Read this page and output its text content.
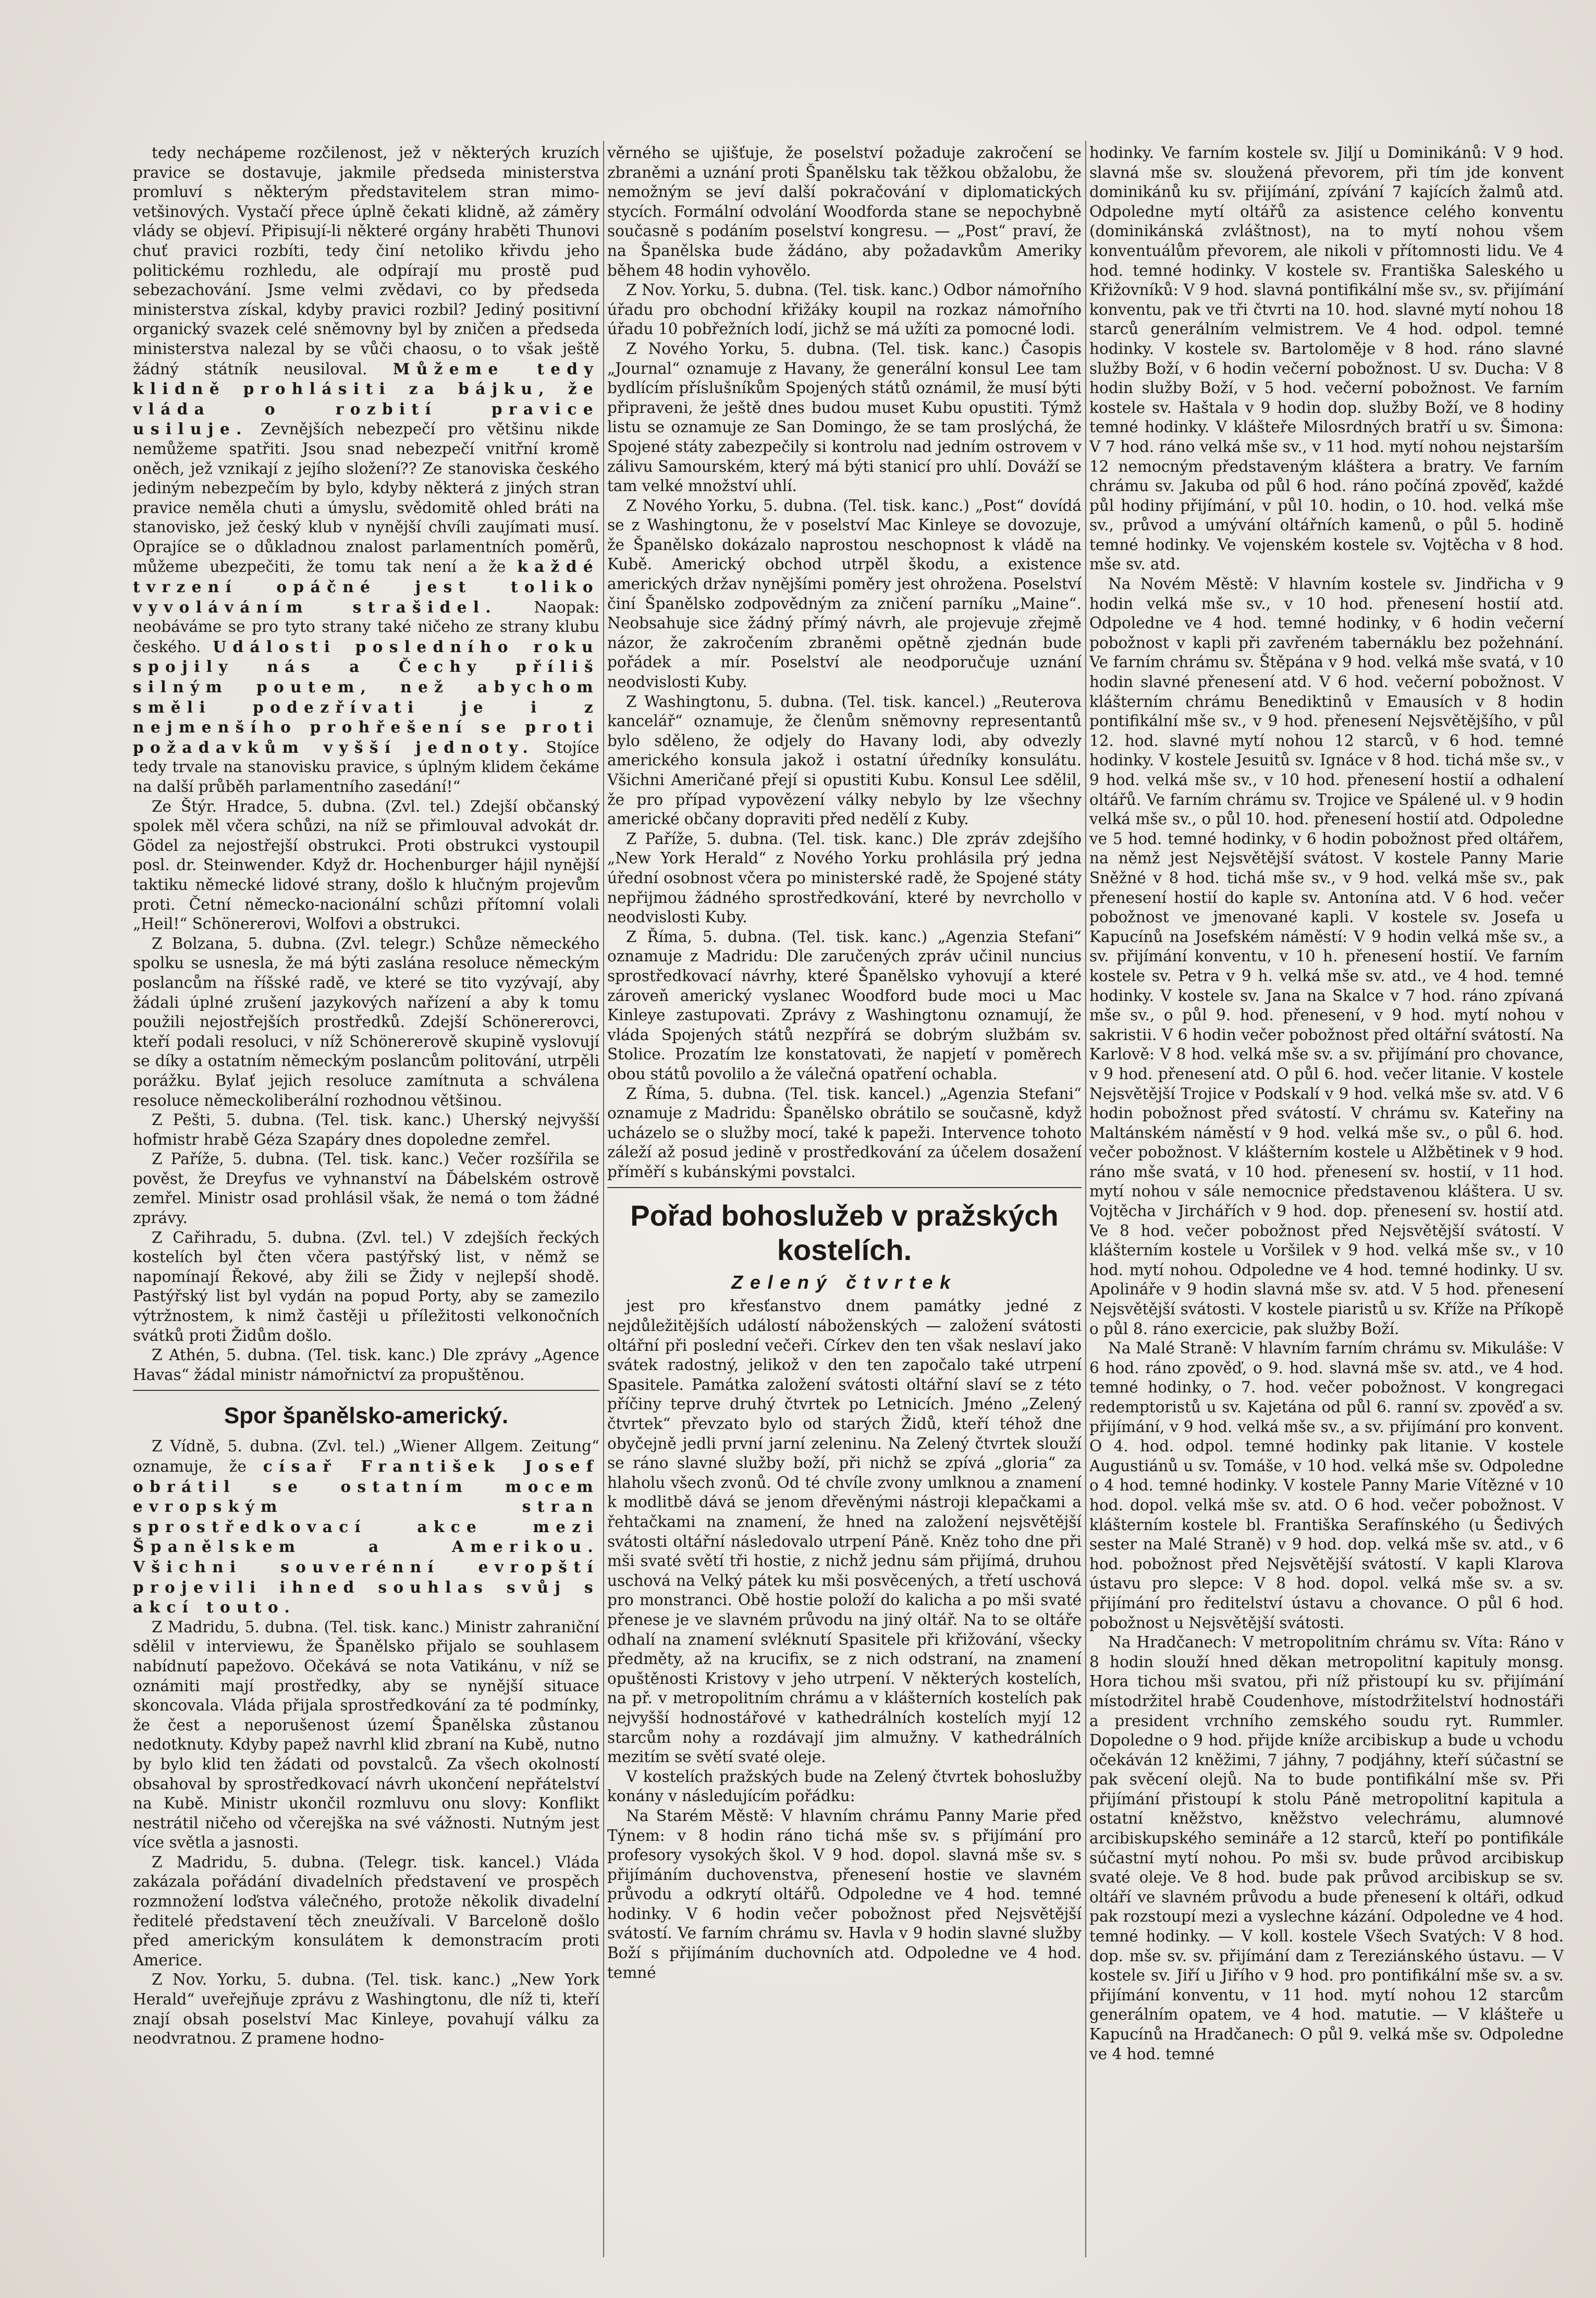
tedy nechápeme rozčilenost, jež v některých kruzích pravice se dostavuje, jakmile předseda ministerstva promluví s některým představitelem stran mimo-vetšinových. Vystačí přece úplně čekati klidně, až záměry vlády se objeví. Připisují-li některé orgány hraběti Thunovi chuť pravici rozbíti, tedy činí netoliko křivdu jeho politickému rozhledu, ale odpírají mu prostě pud sebezachování. Jsme velmi zvědavi, co by předseda ministerstva získal, kdyby pravici rozbil? Jediný positivní organický svazek celé sněmovny byl by zničen a předseda ministerstva nalezal by se vůči chaosu, o to však ještě žádný státník neusiloval. Můžeme tedy klidně prohlásiti za bájku, že vláda o rozbití pravice usiluje. Zevnějších nebezpečí pro většinu nikde nemůžeme spatřiti. Jsou snad nebezpečí vnitřní kromě oněch, jež vznikají z jejího složení?? Ze stanoviska českého jediným nebezpečím by bylo, kdyby některá z jiných stran pravice neměla chuti a úmyslu, svědomitě ohled bráti na stanovisko, jež český klub v nynější chvíli zaujímati musí. Oprajíce se o důkladnou znalost parlamentních poměrů, můžeme ubezpečiti, že tomu tak není a že každé tvrzení opáčné jest toliko vyvoláváním strašidel. Naopak: neobáváme se pro tyto strany také ničeho ze strany klubu českého. Události posledního roku spojily nás a Čechy příliš silným poutem, než abychom směli podezřívati je i z nejmenšího prohřešení se proti požadavkům vyšší jednoty. Stojíce tedy trvale na stanovisku pravice, s úplným klidem čekáme na další průběh parlamentního zasedání!“

Ze Štýr. Hradce, 5. dubna. (Zvl. tel.) Zdejší občanský spolek měl včera schůzi, na níž se přimlouval advokát dr. Gödel za nejostřejší obstrukci. Proti obstrukci vystoupil posl. dr. Steinwender. Když dr. Hochenburger hájil nynější taktiku německé lidové strany, došlo k hlučným projevům proti. Četní německo-nacionální schůzi přítomní volali „Heil!“ Schönererovi, Wolfovi a obstrukci.

Z Bolzana, 5. dubna. (Zvl. telegr.) Schůze německého spolku se usnesla, že má býti zaslána resoluce německým poslancům na říšské radě, ve které se tito vyzývají, aby žádali úplné zrušení jazykových nařízení a aby k tomu použili nejostřejších prostředků. Zdejší Schönererovci, kteří podali resoluci, v níž Schönererově skupině vyslovují se díky a ostatním německým poslancům politování, utrpěli porážku. Bylať jejich resoluce zamítnuta a schválena resoluce německoliberální rozhodnou většinou.

Z Pešti, 5. dubna. (Tel. tisk. kanc.) Uherský nejvyšší hofmistr hrabě Géza Szapáry dnes dopoledne zemřel.

Z Paříže, 5. dubna. (Tel. tisk. kanc.) Večer rozšířila se pověst, že Dreyfus ve vyhnanství na Ďábelském ostrově zemřel. Ministr osad prohlásil však, že nemá o tom žádné zprávy.

Z Cařihradu, 5. dubna. (Zvl. tel.) V zdejších řeckých kostelích byl čten včera pastýřský list, v němž se napomínají Řekové, aby žili se Židy v nejlepší shodě. Pastýřský list byl vydán na popud Porty, aby se zamezilo výtržnostem, k nimž častěji u příležitosti velkonočních svátků proti Židům došlo.

Z Athén, 5. dubna. (Tel. tisk. kanc.) Dle zprávy „Agence Havas“ žádal ministr námořnictví za propuštěnou.

Spor španělsko-americký.

Z Vídně, 5. dubna. (Zvl. tel.) „Wiener Allgem. Zeitung“ oznamuje, že císař František Josef obrátil se ostatním mocem evropským stran sprostředkovací akce mezi Španělskem a Amerikou. Všichni souverénní evropští projevili ihned souhlas svůj s akcí touto.

Z Madridu, 5. dubna. (Tel. tisk. kanc.) Ministr zahraniční sdělil v interviewu, že Španělsko přijalo se souhlasem nabídnutí papežovo. Očekává se nota Vatikánu, v níž se oznámiti mají prostředky, aby se nynější situace skoncovala. Vláda přijala sprostředkování za té podmínky, že čest a neporušenost území Španělska zůstanou nedotknuty. Kdyby papež navrhl klid zbraní na Kubě, nutno by bylo klid ten žádati od povstalců. Za všech okolností obsahoval by sprostředkovací návrh ukončení nepřátelství na Kubě. Ministr ukončil rozmluvu onu slovy: Konflikt nestrátil ničeho od včerejška na své vážnosti. Nutným jest více světla a jasnosti.

Z Madridu, 5. dubna. (Telegr. tisk. kancel.) Vláda zakázala pořádání divadelních představení ve prospěch rozmnožení loďstva válečného, protože několik divadelní ředitelé představení těch zneužívali. V Barceloně došlo před americkým konsulátem k demonstracím proti Americe.

Z Nov. Yorku, 5. dubna. (Tel. tisk. kanc.) „New York Herald“ uveřejňuje zprávu z Washingtonu, dle níž ti, kteří znají obsah poselství Mac Kinleye, povahují válku za neodvratnou. Z pramene hodno-

věrného se ujišťuje, že poselství požaduje zakročení se zbraněmi a uznání proti Španělsku tak těžkou obžalobu, že nemožným se jeví další pokračování v diplomatických stycích. Formální odvolání Woodforda stane se nepochybně současně s podáním poselství kongresu. — „Post“ praví, že na Španělska bude žádáno, aby požadavkům Ameriky během 48 hodin vyhovělo.

Z Nov. Yorku, 5. dubna. (Tel. tisk. kanc.) Odbor námořního úřadu pro obchodní křižáky koupil na rozkaz námořního úřadu 10 pobřežních lodí, jichž se má užíti za pomocné lodi.

Z Nového Yorku, 5. dubna. (Tel. tisk. kanc.) Časopis „Journal“ oznamuje z Havany, že generální konsul Lee tam bydlícím příslušníkům Spojených států oznámil, že musí býti připraveni, že ještě dnes budou muset Kubu opustiti. Týmž listu se oznamuje ze San Domingo, že se tam proslýchá, že Spojené státy zabezpečily si kontrolu nad jedním ostrovem v zálivu Samourském, který má býti stanicí pro uhlí. Dováží se tam velké množství uhlí.

Z Nového Yorku, 5. dubna. (Tel. tisk. kanc.) „Post“ dovídá se z Washingtonu, že v poselství Mac Kinleye se dovozuje, že Španělsko dokázalo naprostou neschopnost k vládě na Kubě. Americký obchod utrpěl škodu, a existence amerických držav nynějšími poměry jest ohrožena. Poselství činí Španělsko zodpovědným za zničení parníku „Maine“. Neobsahuje sice žádný přímý návrh, ale projevuje zřejmě názor, že zakročením zbraněmi opětně zjednán bude pořádek a mír. Poselství ale neodporučuje uznání neodvislosti Kuby.

Z Washingtonu, 5. dubna. (Tel. tisk. kancel.) „Reuterova kancelář“ oznamuje, že členům sněmovny representantů bylo sděleno, že odjely do Havany lodi, aby odvezly amerického konsula jakož i ostatní úředníky konsulátu. Všichni Američané přejí si opustiti Kubu. Konsul Lee sdělil, že pro případ vypovězení války nebylo by lze všechny americké občany dopraviti před nedělí z Kuby.

Z Paříže, 5. dubna. (Tel. tisk. kanc.) Dle zpráv zdejšího „New York Herald“ z Nového Yorku prohlásila prý jedna úřední osobnost včera po ministerské radě, že Spojené státy nepřijmou žádného sprostředkování, které by nevrchollo v neodvislosti Kuby.

Z Říma, 5. dubna. (Tel. tisk. kanc.) „Agenzia Stefani“ oznamuje z Madridu: Dle zaručených zpráv učinil nuncius sprostředkovací návrhy, které Španělsko vyhovují a které zároveň americký vyslanec Woodford bude moci u Mac Kinleye zastupovati. Zprávy z Washingtonu oznamují, že vláda Spojených států nezpřírá se dobrým službám sv. Stolice. Prozatím lze konstatovati, že napjetí v poměrech obou států povolilo a že válečná opatření ochabla.

Z Říma, 5. dubna. (Tel. tisk. kancel.) „Agenzia Stefani“ oznamuje z Madridu: Španělsko obrátilo se současně, když ucházelo se o služby mocí, také k papeži. Intervence tohoto záleží až posud jedině v prostředkování za účelem dosažení příměří s kubánskými povstalci.

Pořad bohoslužeb v pražských kostelích.

Zelený čtvrtek

jest pro křesťanstvo dnem památky jedné z nejdůležitějších událostí náboženských — založení svátosti oltářní při poslední večeři. Církev den ten však neslaví jako svátek radostný, jelikož v den ten započalo také utrpení Spasitele. Památka založení svátosti oltářní slaví se z této příčiny teprve druhý čtvrtek po Letnicích. Jméno „Zelený čtvrtek“ převzato bylo od starých Židů, kteří téhož dne obyčejně jedli první jarní zeleninu. Na Zelený čtvrtek slouží se ráno slavné služby boží, při nichž se zpívá „gloria“ za hlaholu všech zvonů. Od té chvíle zvony umlknou a znamení k modlitbě dává se jenom dřevěnými nástroji klepačkami a řehtačkami na znamení, že hned na založení nejsvětější svátosti oltářní následovalo utrpení Páně. Kněz toho dne při mši svaté světí tři hostie, z nichž jednu sám přijímá, druhou uschová na Velký pátek ku mši posvěcených, a třetí uschová pro monstranci. Obě hostie položí do kalicha a po mši svaté přenese je ve slavném průvodu na jiný oltář. Na to se oltáře odhalí na znamení svléknutí Spasitele při křižování, všecky předměty, až na krucifix, se z nich odstraní, na znamení opuštěnosti Kristovy v jeho utrpení. V některých kostelích, na př. v metropolitním chrámu a v klášterních kostelích pak nejvyšší hodnostářové v kathedrálních kostelích myjí 12 starcům nohy a rozdávají jim almužny. V kathedrálních mezitím se světí svaté oleje.

V kostelích pražských bude na Zelený čtvrtek bohoslužby konány v následujícím pořádku:

Na Starém Městě: V hlavním chrámu Panny Marie před Týnem: v 8 hodin ráno tichá mše sv. s přijímání pro profesory vysokých škol. V 9 hod. dopol. slavná mše sv. s přijímáním duchovenstva, přenesení hostie ve slavném průvodu a odkrytí oltářů. Odpoledne ve 4 hod. temné hodinky. V 6 hodin večer pobožnost před Nejsvětější svátostí. Ve farním chrámu sv. Havla v 9 hodin slavné služby Boží s přijímáním duchovních atd. Odpoledne ve 4 hod. temné

hodinky. Ve farním kostele sv. Jiljí u Dominikánů: V 9 hod. slavná mše sv. sloužená převorem, při tím jde konvent dominikánů ku sv. přijímání, zpívání 7 kajících žalmů atd. Odpoledne mytí oltářů za asistence celého konventu (dominikánská zvláštnost), na to mytí nohou všem konventuálům převorem, ale nikoli v přítomnosti lidu. Ve 4 hod. temné hodinky. V kostele sv. Františka Saleského u Křižovníků: V 9 hod. slavná pontifikální mše sv., sv. přijímání konventu, pak ve tři čtvrti na 10. hod. slavné mytí nohou 18 starců generálním velmistrem. Ve 4 hod. odpol. temné hodinky. V kostele sv. Bartoloměje v 8 hod. ráno slavné služby Boží, v 6 hodin večerní pobožnost. U sv. Ducha: V 8 hodin služby Boží, v 5 hod. večerní pobožnost. Ve farním kostele sv. Haštala v 9 hodin dop. služby Boží, ve 8 hodiny temné hodinky. V klášteře Milosrdných bratří u sv. Šimona: V 7 hod. ráno velká mše sv., v 11 hod. mytí nohou nejstarším 12 nemocným představeným kláštera a bratry. Ve farním chrámu sv. Jakuba od půl 6 hod. ráno počíná zpověď, každé půl hodiny přijímání, v půl 10. hodin, o 10. hod. velká mše sv., průvod a umývání oltářních kamenů, o půl 5. hodině temné hodinky. Ve vojenském kostele sv. Vojtěcha v 8 hod. mše sv. atd.

Na Novém Městě: V hlavním kostele sv. Jindřicha v 9 hodin velká mše sv., v 10 hod. přenesení hostií atd. Odpoledne ve 4 hod. temné hodinky, v 6 hodin večerní pobožnost v kapli při zavřeném tabernáklu bez požehnání. Ve farním chrámu sv. Štěpána v 9 hod. velká mše svatá, v 10 hodin slavné přenesení atd. V 6 hod. večerní pobožnost. V klášterním chrámu Benediktinů v Emausích v 8 hodin pontifikální mše sv., v 9 hod. přenesení Nejsvětějšího, v půl 12. hod. slavné mytí nohou 12 starců, v 6 hod. temné hodinky. V kostele Jesuitů sv. Ignáce v 8 hod. tichá mše sv., v 9 hod. velká mše sv., v 10 hod. přenesení hostií a odhalení oltářů. Ve farním chrámu sv. Trojice ve Spálené ul. v 9 hodin velká mše sv., o půl 10. hod. přenesení hostií atd. Odpoledne ve 5 hod. temné hodinky, v 6 hodin pobožnost před oltářem, na němž jest Nejsvětější svátost. V kostele Panny Marie Sněžné v 8 hod. tichá mše sv., v 9 hod. velká mše sv., pak přenesení hostií do kaple sv. Antonína atd. V 6 hod. večer pobožnost ve jmenované kapli. V kostele sv. Josefa u Kapucínů na Josefském náměstí: V 9 hodin velká mše sv., a sv. přijímání konventu, v 10 h. přenesení hostií. Ve farním kostele sv. Petra v 9 h. velká mše sv. atd., ve 4 hod. temné hodinky. V kostele sv. Jana na Skalce v 7 hod. ráno zpívaná mše sv., o půl 9. hod. přenesení, v 9 hod. mytí nohou v sakristii. V 6 hodin večer pobožnost před oltářní svátostí. Na Karlově: V 8 hod. velká mše sv. a sv. přijímání pro chovance, v 9 hod. přenesení atd. O půl 6. hod. večer litanie. V kostele Nejsvětější Trojice v Podskalí v 9 hod. velká mše sv. atd. V 6 hodin pobožnost před svátostí. V chrámu sv. Kateřiny na Maltánském náměstí v 9 hod. velká mše sv., o půl 6. hod. večer pobožnost. V klášterním kostele u Alžbětinek v 9 hod. ráno mše svatá, v 10 hod. přenesení sv. hostií, v 11 hod. mytí nohou v sále nemocnice představenou kláštera. U sv. Vojtěcha v Jirchářích v 9 hod. dop. přenesení sv. hostií atd. Ve 8 hod. večer pobožnost před Nejsvětější svátostí. V klášterním kostele u Voršilek v 9 hod. velká mše sv., v 10 hod. mytí nohou. Odpoledne ve 4 hod. temné hodinky. U sv. Apolináře v 9 hodin slavná mše sv. atd. V 5 hod. přenesení Nejsvětější svátosti. V kostele piaristů u sv. Kříže na Příkopě o půl 8. ráno exercicie, pak služby Boží.

Na Malé Straně: V hlavním farním chrámu sv. Mikuláše: V 6 hod. ráno zpověď, o 9. hod. slavná mše sv. atd., ve 4 hod. temné hodinky, o 7. hod. večer pobožnost. V kongregaci redemptoristů u sv. Kajetána od půl 6. ranní sv. zpověď a sv. přijímání, v 9 hod. velká mše sv., a sv. přijímání pro konvent. O 4. hod. odpol. temné hodinky pak litanie. V kostele Augustiánů u sv. Tomáše, v 10 hod. velká mše sv. Odpoledne o 4 hod. temné hodinky. V kostele Panny Marie Vítězné v 10 hod. dopol. velká mše sv. atd. O 6 hod. večer pobožnost. V klášterním kostele bl. Františka Serafínského (u Šedivých sester na Malé Straně) v 9 hod. dop. velká mše sv. atd., v 6 hod. pobožnost před Nejsvětější svátostí. V kapli Klarova ústavu pro slepce: V 8 hod. dopol. velká mše sv. a sv. přijímání pro ředitelství ústavu a chovance. O půl 6 hod. pobožnost u Nejsvětější svátosti.

Na Hradčanech: V metropolitním chrámu sv. Víta: Ráno v 8 hodin slouží hned děkan metropolitní kapituly monsg. Hora tichou mši svatou, při níž přistoupí ku sv. přijímání místodržitel hrabě Coudenhove, místodržitelství hodnostáři a president vrchního zemského soudu ryt. Rummler. Dopoledne o 9 hod. přijde kníže arcibiskup a bude u vchodu očekáván 12 kněžimi, 7 jáhny, 7 podjáhny, kteří súčastní se pak svěcení olejů. Na to bude pontifikální mše sv. Při přijímání přistoupí k stolu Páně metropolitní kapitula a ostatní kněžstvo, kněžstvo velechrámu, alumnové arcibiskupského semináře a 12 starců, kteří po pontifikále súčastní mytí nohou. Po mši sv. bude průvod arcibiskup svaté oleje. Ve 8 hod. bude pak průvod arcibiskup se sv. oltáří ve slavném průvodu a bude přenesení k oltáři, odkud pak rozstoupí mezi a vyslechne kázání. Odpoledne ve 4 hod. temné hodinky. — V koll. kostele Všech Svatých: V 8 hod. dop. mše sv. sv. přijímání dam z Tereziánského ústavu. — V kostele sv. Jiří u Jiřího v 9 hod. pro pontifikální mše sv. a sv. přijímání konventu, v 11 hod. mytí nohou 12 starcům generálním opatem, ve 4 hod. matutie. — V klášteře u Kapucínů na Hradčanech: O půl 9. velká mše sv. Odpoledne ve 4 hod. temné
